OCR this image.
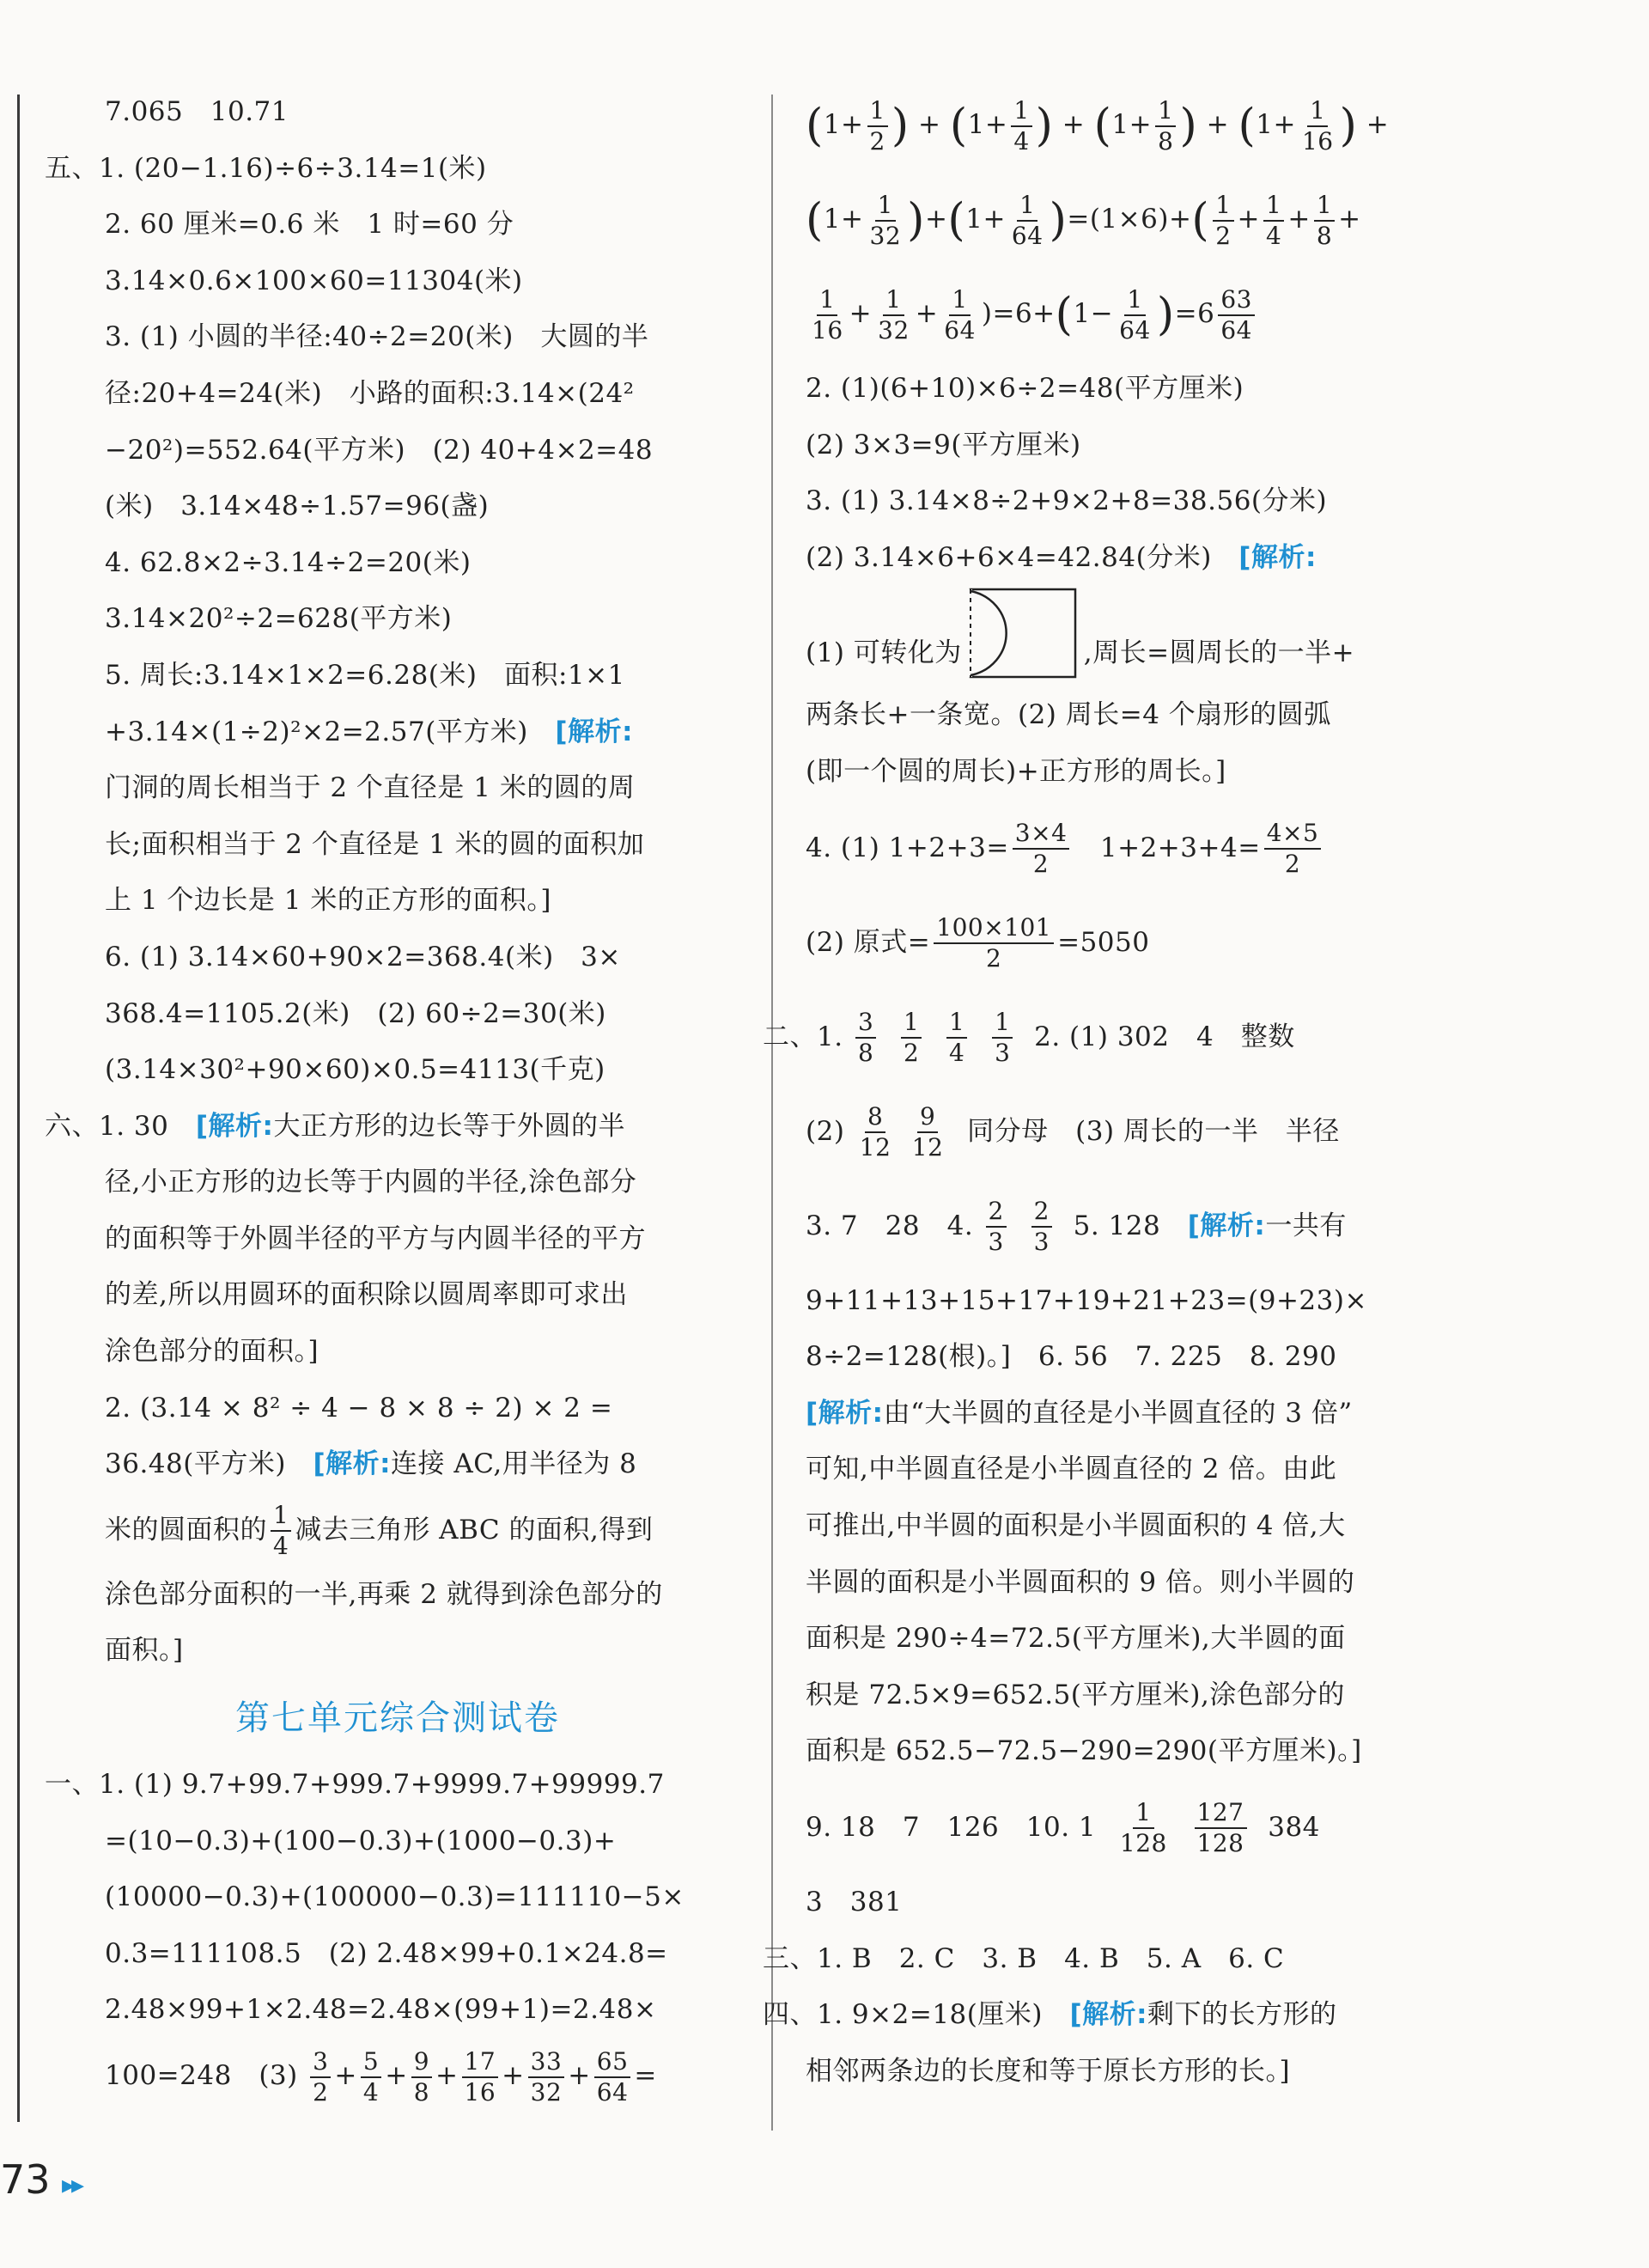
7.065　10.71
五、1. (20−1.16)÷6÷3.14=1(米)
2. 60 厘米=0.6 米　1 时=60 分
3.14×0.6×100×60=11304(米)
3. (1) 小圆的半径:40÷2=20(米)　大圆的半
径:20+4=24(米)　小路的面积:3.14×(24²
−20²)=552.64(平方米)　(2) 40+4×2=48
(米)　3.14×48÷1.57=96(盏)
4. 62.8×2÷3.14÷2=20(米)
3.14×20²÷2=628(平方米)
5. 周长:3.14×1×2=6.28(米)　面积:1×1
+3.14×(1÷2)²×2=2.57(平方米)　[解析:
门洞的周长相当于 2 个直径是 1 米的圆的周
长;面积相当于 2 个直径是 1 米的圆的面积加
上 1 个边长是 1 米的正方形的面积。]
6. (1) 3.14×60+90×2=368.4(米)　3×
368.4=1105.2(米)　(2) 60÷2=30(米)
(3.14×30²+90×60)×0.5=4113(千克)
六、1. 30　[解析:大正方形的边长等于外圆的半
径,小正方形的边长等于内圆的半径,涂色部分
的面积等于外圆半径的平方与内圆半径的平方
的差,所以用圆环的面积除以圆周率即可求出
涂色部分的面积。]
2. (3.14 × 8² ÷ 4 − 8 × 8 ÷ 2) × 2 =
36.48(平方米)　[解析:连接 AC,用半径为 8
米的圆面积的 $\frac{1}{4}$ 减去三角形 ABC 的面积,得到
涂色部分面积的一半,再乘 2 就得到涂色部分的
面积。]
第七单元综合测试卷
一、1. (1) 9.7+99.7+999.7+9999.7+99999.7
=(10−0.3)+(100−0.3)+(1000−0.3)+
(10000−0.3)+(100000−0.3)=111110−5×
0.3=111108.5　(2) 2.48×99+0.1×24.8=
2.48×99+1×2.48=2.48×(99+1)=2.48×
100=248　$(3) \frac{3}{2} + \frac{5}{4} + \frac{9}{8} + \frac{17}{16} + \frac{33}{32} + \frac{65}{64}$ =
($1+ \frac{1}{2}$ ) + ($1+ \frac{1}{4}$ ) + ($1+ \frac{1}{8}$ ) + ($1+ \frac{1}{16}$ ) +
$(1+ \frac{1}{32} )+(1+ \frac{1}{64} )=(1\times 6)+( \frac{1}{2} + \frac{1}{4} + \frac{1}{8}$ +
$\frac{1}{16} + \frac{1}{32} + \frac{1}{64} )=6+(1- \frac{1}{64} )=6 \frac{63}{64}$
2. (1)(6+10)×6÷2=48(平方厘米)
(2) 3×3=9(平方厘米)
3. (1) 3.14×8÷2+9×2+8=38.56(分米)
(2) 3.14×6+6×4=42.84(分米)　[解析:
(1) 可转化为	,周长=圆周长的一半+
两条长+一条宽。(2) 周长=4 个扇形的圆弧
(即一个圆的周长)+正方形的周长。]
4. (1) $1+2+3= \frac{3\times 4}{2}$ 　$1+2+3+4= \frac{4\times 5}{2}$
(2) 原式= $\frac{100\times 101}{2} =5050$
二、1. $\frac{3}{8}$
$\frac{1}{2}$
$\frac{1}{4}$
$\frac{1}{3} 2$. (1) 302　4　整数
$(2) \frac{8}{12}$
$\frac{9}{12}$ 同分母　(3) 周长的一半　半径
3. 7　28　4. $\frac{2}{3}$
$\frac{2}{3} 5$. 128　[解析:一共有
9+11+13+15+17+19+21+23=(9+23)×
8÷2=128(根)。]　6. 56　7. 225　8. 290
[解析:由“大半圆的直径是小半圆直径的 3 倍”
可知,中半圆直径是小半圆直径的 2 倍。由此
可推出,中半圆的面积是小半圆面积的 4 倍,大
半圆的面积是小半圆面积的 9 倍。则小半圆的
面积是 290÷4=72.5(平方厘米),大半圆的面
积是 72.5×9=652.5(平方厘米),涂色部分的
面积是 652.5−72.5−290=290(平方厘米)。]
9. 18　7　126　10. $1 \frac{1}{128}$
$\frac{127}{128} 384$
3　381
三、1. B　2. C　3. B　4. B　5. A　6. C
四、1. 9×2=18(厘米)　[解析:剩下的长方形的
相邻两条边的长度和等于原长方形的长。]
73 ▸▸
